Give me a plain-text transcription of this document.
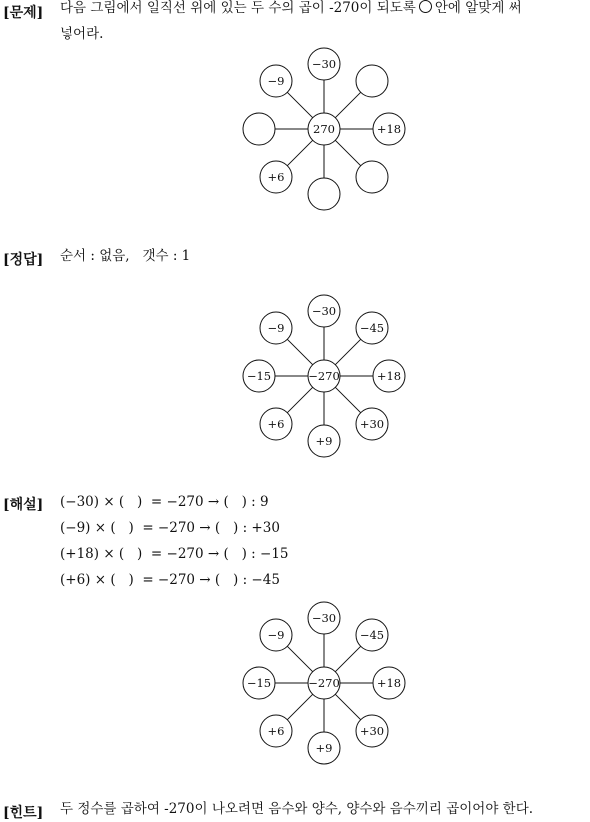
[문제] 다음 그림에서 일직선 위에 있는 두 수의 곱이 -270이 되도록 안에 알맞게 써
넣어라.
−30
+18
+6
−9
270
[정답] 순서 : 없음,   갯수 : 1
−30
−45
+18
+30
+9
+6
−15
−9
−270
[해설] (−30) × (   )  = −270 → (   ) : 9
(−9) × (   )  = −270 → (   ) : +30
(+18) × (   )  = −270 → (   ) : −15
(+6) × (   )  = −270 → (   ) : −45
−30
−45
+18
+30
+9
+6
−15
−9
−270
[힌트] 두 정수를 곱하여 -270이 나오려면 음수와 양수, 양수와 음수끼리 곱이어야 한다.
